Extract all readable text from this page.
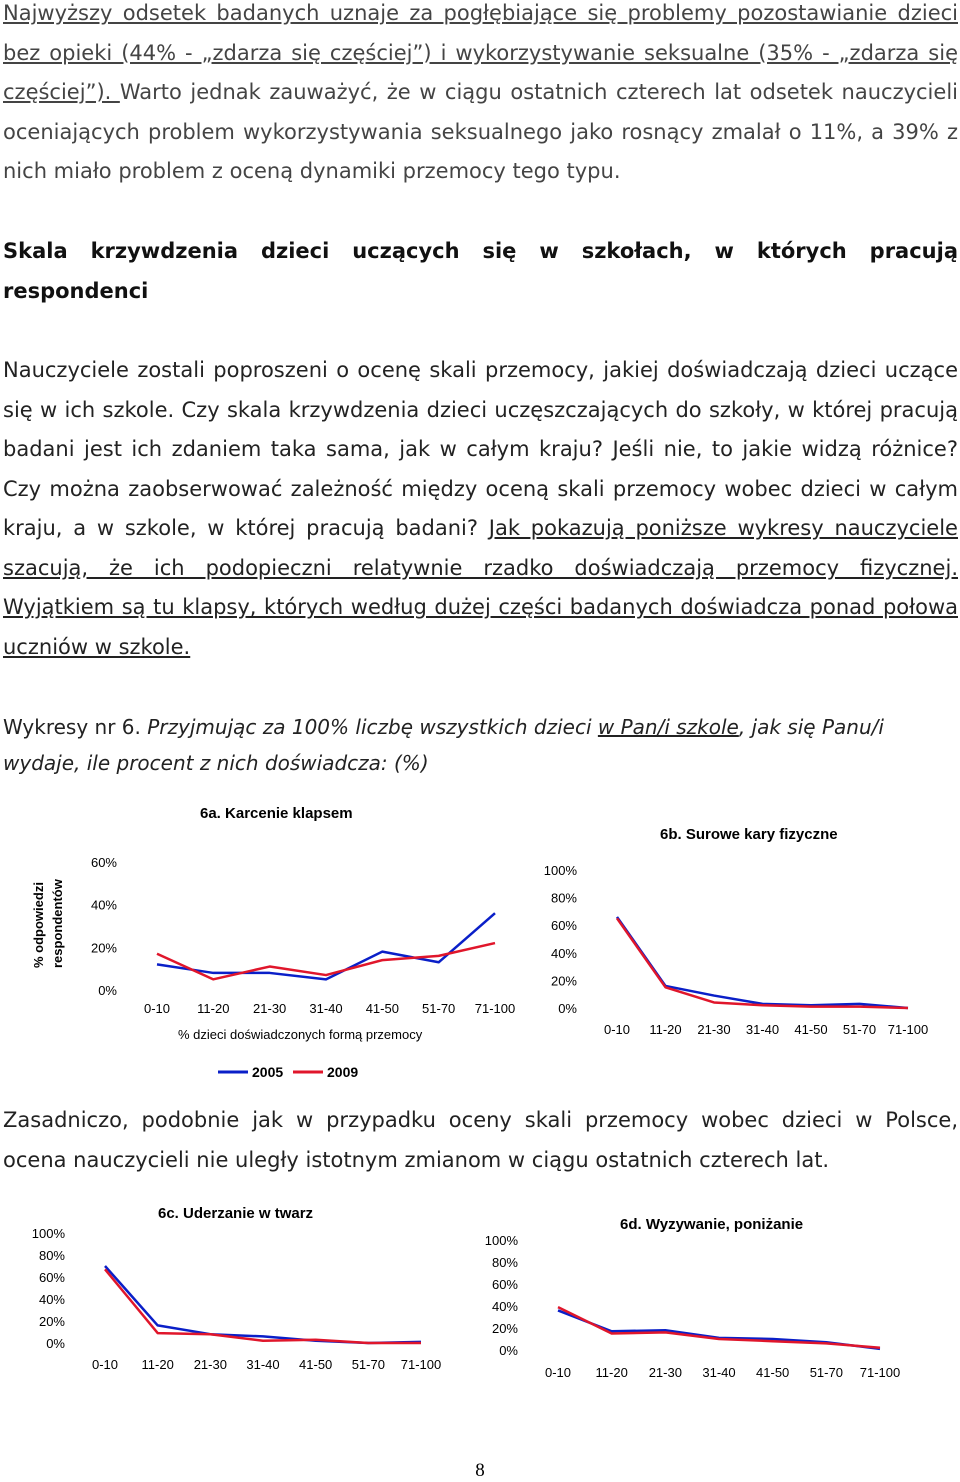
Najwyższy odsetek badanych uznaje za pogłębiające się problemy pozostawianie dzieci bez opieki (44% - „zdarza się częściej”) i wykorzystywanie seksualne (35% - „zdarza się częściej”). Warto jednak zauważyć, że w ciągu ostatnich czterech lat odsetek nauczycieli oceniających problem wykorzystywania seksualnego jako rosnący zmalał o 11%, a 39% z nich miało problem z oceną dynamiki przemocy tego typu.

Skala krzywdzenia dzieci uczących się w szkołach, w których pracują respondenci

Nauczyciele zostali poproszeni o ocenę skali przemocy, jakiej doświadczają dzieci uczące się w ich szkole. Czy skala krzywdzenia dzieci uczęszczających do szkoły, w której pracują badani jest ich zdaniem taka sama, jak w całym kraju? Jeśli nie, to jakie widzą różnice? Czy można zaobserwować zależność między oceną skali przemocy wobec dzieci w całym kraju, a w szkole, w której pracują badani? Jak pokazują poniższe wykresy nauczyciele szacują, że ich podopieczni relatywnie rzadko doświadczają przemocy fizycznej. Wyjątkiem są tu klapsy, których według dużej części badanych doświadcza ponad połowa uczniów w szkole.

Wykresy nr 6. Przyjmując za 100% liczbę wszystkich dzieci w Pan/i szkole, jak się Panu/i wydaje, ile procent z nich doświadcza: (%)

% odpowiedzi respondentów
6a. Karcenie klapsem
0%
20%
40%
60%
0-10 11-20 21-30 31-40 41-50 51-70 71-100
% dzieci doświadczonych formą przemocy
6b. Surowe kary fizyczne
0%
20%
40%
60%
80%
100%
0-10 11-20 21-30 31-40 41-50 51-70 71-100
6c. Uderzanie w twarz
0%
20%
40%
60%
80%
100%
0-10 11-20 21-30 31-40 41-50 51-70 71-100
6d. Wyzywanie, poniżanie
0%
20%
40%
60%
80%
100%
0-10 11-20 21-30 31-40 41-50 51-70 71-100
2005	2009

Zasadniczo, podobnie jak w przypadku oceny skali przemocy wobec dzieci w Polsce, ocena nauczycieli nie uległy istotnym zmianom w ciągu ostatnich czterech lat.

8
